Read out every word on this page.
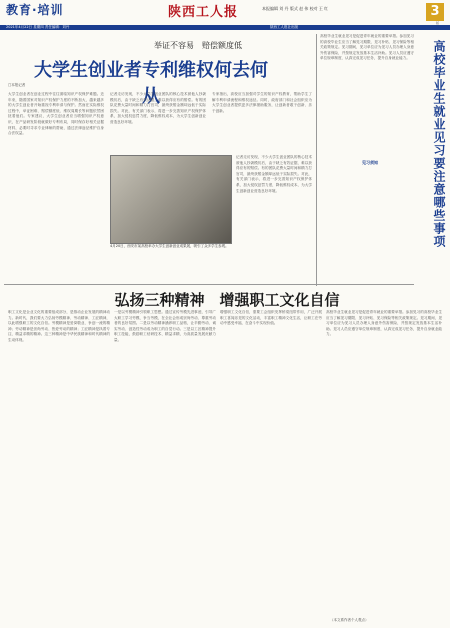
教育·培训	陕西工人报	本报编辑 刘 丹 版式 赵 伟 校对 王 红	3
版
2021年4月22日 星期四 责任编辑：刘丹	陕西工人报社出版
举证不容易　赔偿额度低
大学生创业者专利维权何去何从
□本报记者
大学生创业者在创业过程中往往面临知识产权保护难题。近年来，随着国家对知识产权保护力度的不断加大，越来越多的大学生创业者开始重视专利申请与保护。然而在实际维权过程中，举证困难、赔偿额度低、维权周期长等问题依然困扰着他们。专家建议，大学生创业者应当增强知识产权意识，在产品研发阶段就做好专利布局，同时保存好相关证据材料，必要时寻求专业律师的帮助，通过法律途径维护自身合法权益。
记者走访发现，不少大学生创业团队的核心技术被他人抄袭模仿后，由于缺乏有效证据，难以获得应有的赔偿。有的团队花费大量时间和精力打官司，最终获赔金额却远低于实际损失。对此，有关部门表示，将进一步完善知识产权保护体系，加大侵权惩罚力度，降低维权成本，为大学生创新创业营造良好环境。
专家指出，高校应当加强对学生的知识产权教育，帮助学生了解专利申请流程和维权途径。同时，政府部门和社会组织应为大学生创业者提供更多法律援助服务，让创新者敢于创新、乐于创新。
记者走访发现，不少大学生创业团队的核心技术被他人抄袭模仿后，由于缺乏有效证据，难以获得应有的赔偿。有的团队花费大量时间和精力打官司，最终获赔金额却远低于实际损失。对此，有关部门表示，将进一步完善知识产权保护体系，加大侵权惩罚力度，降低维权成本，为大学生创新创业营造良好环境。
4月20日，西安市某高校举办大学生创新创业成果展，吸引了众多学生参观。
高校毕业生就业见习是促进青年就业的重要举措。参加见习的高校毕业生应当了解见习期限、见习补贴、见习保险等相关政策规定。见习期间，见习单位应为见习人员办理人身意外伤害保险，并按规定发放基本生活补助。见习人员应遵守单位规章制度，认真完成见习任务，提升自身就业能力。	高校毕业生就业见习要注意哪些事项
见习须知
弘扬三种精神　增强职工文化自信
职工文化是企业文化的重要组成部分，是推动企业发展的精神动力。新时代，我们要大力弘扬劳模精神、劳动精神、工匠精神，以此增强职工的文化自信。劳模精神是爱岗敬业、争创一流的精神；劳动精神是崇尚劳动、热爱劳动的精神；工匠精神是执着专注、精益求精的精神。这三种精神是中华民族精神和时代精神的生动体现。
一是以劳模精神引领职工思想。通过宣传劳模先进事迹，引导广大职工学习劳模、争当劳模，在全社会形成崇尚劳动、尊重劳动者的良好氛围。二是以劳动精神涵养职工品格，让辛勤劳动、诚实劳动、创造性劳动成为职工的自觉行动。三是以工匠精神提升职工技能，鼓励职工钻研技术、精益求精，为高质量发展贡献力量。
增强职工文化自信，需要工会组织发挥桥梁纽带作用，广泛开展职工喜闻乐见的文化活动，丰富职工精神文化生活，让职工在劳动中感受幸福，在奋斗中实现价值。
高校毕业生就业见习是促进青年就业的重要举措。参加见习的高校毕业生应当了解见习期限、见习补贴、见习保险等相关政策规定。见习期间，见习单位应为见习人员办理人身意外伤害保险，并按规定发放基本生活补助。见习人员应遵守单位规章制度，认真完成见习任务，提升自身就业能力。
（本文系作者个人观点）
